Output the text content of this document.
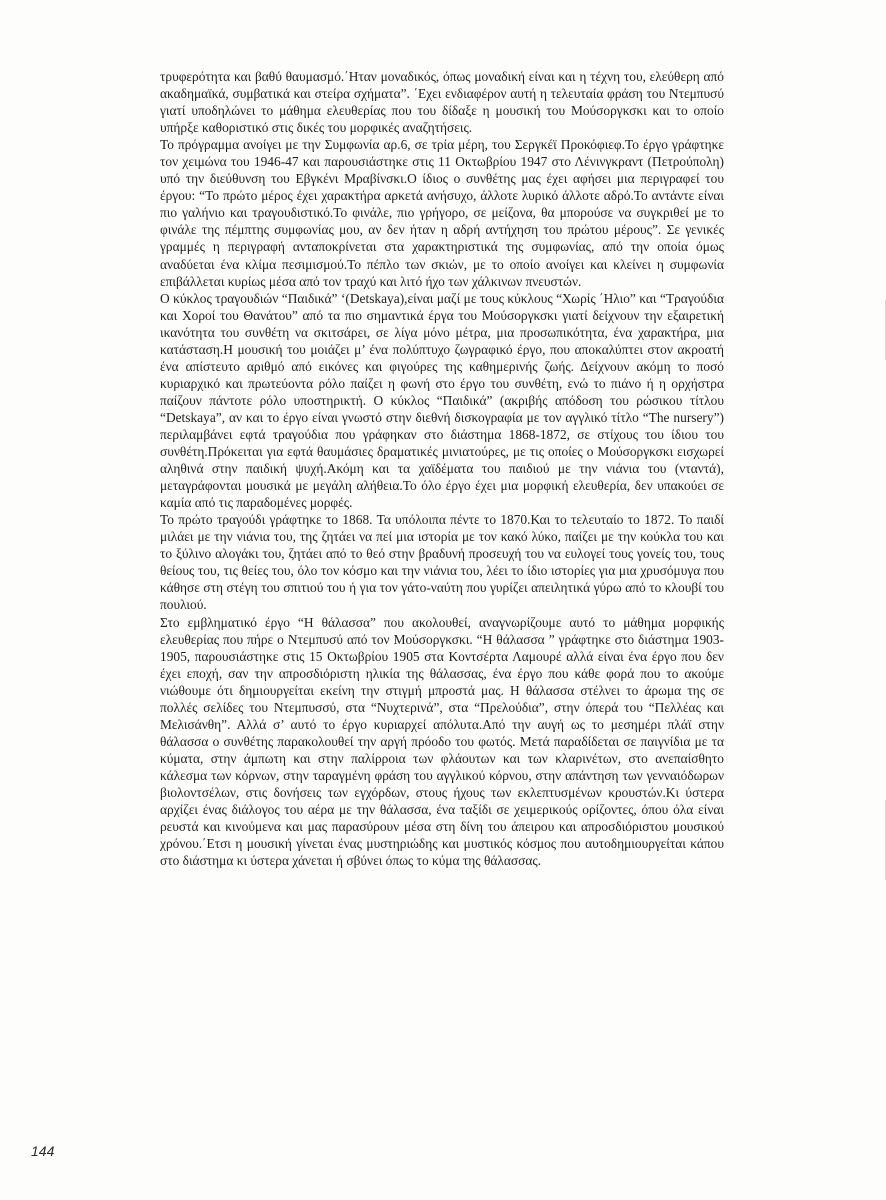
τρυφερότητα και βαθύ θαυμασμό.΄Ηταν μοναδικός, όπως μοναδική είναι και η τέχνη του, ελεύθερη από ακαδημαϊκά, συμβατικά και στείρα σχήματα”. ΄Εχει ενδιαφέρον αυτή η τελευταία φράση του Ντεμπυσύ γιατί υποδηλώνει το μάθημα ελευθερίας που του δίδαξε η μουσική του Μούσοργκσκι και το οποίο υπήρξε καθοριστικό στις δικές του μορφικές αναζητήσεις.

Το πρόγραμμα ανοίγει με την Συμφωνία αρ.6, σε τρία μέρη, του Σεργκέϊ Προκόφιεφ.Το έργο γράφτηκε τον χειμώνα του 1946-47 και παρουσιάστηκε στις 11 Οκτωβρίου 1947 στο Λένινγκραντ (Πετρούπολη) υπό την διεύθυνση του Εβγκένι Μραβίνσκι.Ο ίδιος ο συνθέτης μας έχει αφήσει μια περιγραφεί του έργου: “Το πρώτο μέρος έχει χαρακτήρα αρκετά ανήσυχο, άλλοτε λυρικό άλλοτε αδρό.Το αντάντε είναι πιο γαλήνιο και τραγουδιστικό.Το φινάλε, πιο γρήγορο, σε μείζονα, θα μπορούσε να συγκριθεί με το φινάλε της πέμπτης συμφωνίας μου, αν δεν ήταν η αδρή αντήχηση του πρώτου μέρους”. Σε γενικές γραμμές η περιγραφή ανταποκρίνεται στα χαρακτηριστικά της συμφωνίας, από την οποία όμως αναδύεται ένα κλίμα πεσιμισμού.Το πέπλο των σκιών, με το οποίο ανοίγει και κλείνει η συμφωνία επιβάλλεται κυρίως μέσα από τον τραχύ και λιτό ήχο των χάλκινων πνευστών.

Ο κύκλος τραγουδιών “Παιδικά” ‘(Detskaya),είναι μαζί με τους κύκλους “Χωρίς ΄Ηλιο” και “Τραγούδια και Χοροί του Θανάτου” από τα πιο σημαντικά έργα του Μούσοργκσκι γιατί δείχνουν την εξαιρετική ικανότητα του συνθέτη να σκιτσάρει, σε λίγα μόνο μέτρα, μια προσωπικότητα, ένα χαρακτήρα, μια κατάσταση.Η μουσική του μοιάζει μ’ ένα πολύπτυχο ζωγραφικό έργο, που αποκαλύπτει στον ακροατή ένα απίστευτο αριθμό από εικόνες και φιγούρες της καθημερινής ζωής. Δείχνουν ακόμη το ποσό κυριαρχικό και πρωτεύοντα ρόλο παίζει η φωνή στο έργο του συνθέτη, ενώ το πιάνο ή η ορχήστρα παίζουν πάντοτε ρόλο υποστηρικτή. Ο κύκλος “Παιδικά” (ακριβής απόδοση του ρώσικου τίτλου “Detskaya”, αν και το έργο είναι γνωστό στην διεθνή δισκογραφία με τον αγγλικό τίτλο “The nursery”) περιλαμβάνει εφτά τραγούδια που γράφηκαν στο διάστημα 1868-1872, σε στίχους του ίδιου του συνθέτη.Πρόκειται για εφτά θαυμάσιες δραματικές μινιατούρες, με τις οποίες ο Μούσοργκσκι εισχωρεί αληθινά στην παιδική ψυχή.Ακόμη και τα χαϊδέματα του παιδιού με την νιάνια του (νταντά), μεταγράφονται μουσικά με μεγάλη αλήθεια.Το όλο έργο έχει μια μορφική ελευθερία, δεν υπακούει σε καμία από τις παραδομένες μορφές.

Το πρώτο τραγούδι γράφτηκε το 1868. Τα υπόλοιπα πέντε το 1870.Και το τελευταίο το 1872. Το παιδί μιλάει με την νιάνια του, της ζητάει να πεί μια ιστορία με τον κακό λύκο, παίζει με την κούκλα του και το ξύλινο αλογάκι του, ζητάει από το θεό στην βραδυνή προσευχή του να ευλογεί τους γονείς του, τους θείους του, τις θείες του, όλο τον κόσμο και την νιάνια του, λέει το ίδιο ιστορίες για μια χρυσόμυγα που κάθησε στη στέγη του σπιτιού του ή για τον γάτο-ναύτη που γυρίζει απειλητικά γύρω από το κλουβί του πουλιού.

Στο εμβληματικό έργο “Η θάλασσα” που ακολουθεί, αναγνωρίζουμε αυτό το μάθημα μορφικής ελευθερίας που πήρε ο Ντεμπυσύ από τον Μούσοργκσκι. “Η θάλασσα ” γράφτηκε στο διάστημα 1903-1905, παρουσιάστηκε στις 15 Οκτωβρίου 1905 στα Κοντσέρτα Λαμουρέ αλλά είναι ένα έργο που δεν έχει εποχή, σαν την απροσδιόριστη ηλικία της θάλασσας, ένα έργο που κάθε φορά που το ακούμε νιώθουμε ότι δημιουργείται εκείνη την στιγμή μπροστά μας. Η θάλασσα στέλνει το άρωμα της σε πολλές σελίδες του Ντεμπυσσύ, στα “Νυχτερινά”, στα “Πρελούδια”, στην όπερά του “Πελλέας και Μελισάνθη”. Αλλά σ’ αυτό το έργο κυριαρχεί απόλυτα.Από την αυγή ως το μεσημέρι πλάϊ στην θάλασσα ο συνθέτης παρακολουθεί την αργή πρόοδο του φωτός. Μετά παραδίδεται σε παιγνίδια με τα κύματα, στην άμπωτη και στην παλίρροια των φλάουτων και των κλαρινέτων, στο ανεπαίσθητο κάλεσμα των κόρνων, στην ταραγμένη φράση του αγγλικού κόρνου, στην απάντηση των γενναιόδωρων βιολοντσέλων, στις δονήσεις των εγχόρδων, στους ήχους των εκλεπτυσμένων κρουστών.Κι ύστερα αρχίζει ένας διάλογος του αέρα με την θάλασσα, ένα ταξίδι σε χειμερικούς ορίζοντες, όπου όλα είναι ρευστά και κινούμενα και μας παρασύρουν μέσα στη δίνη του άπειρου και απροσδιόριστου μουσικού χρόνου.΄Ετσι η μουσική γίνεται ένας μυστηριώδης και μυστικός κόσμος που αυτοδημιουργείται κάπου στο διάστημα κι ύστερα χάνεται ή σβύνει όπως το κύμα της θάλασσας.

144
